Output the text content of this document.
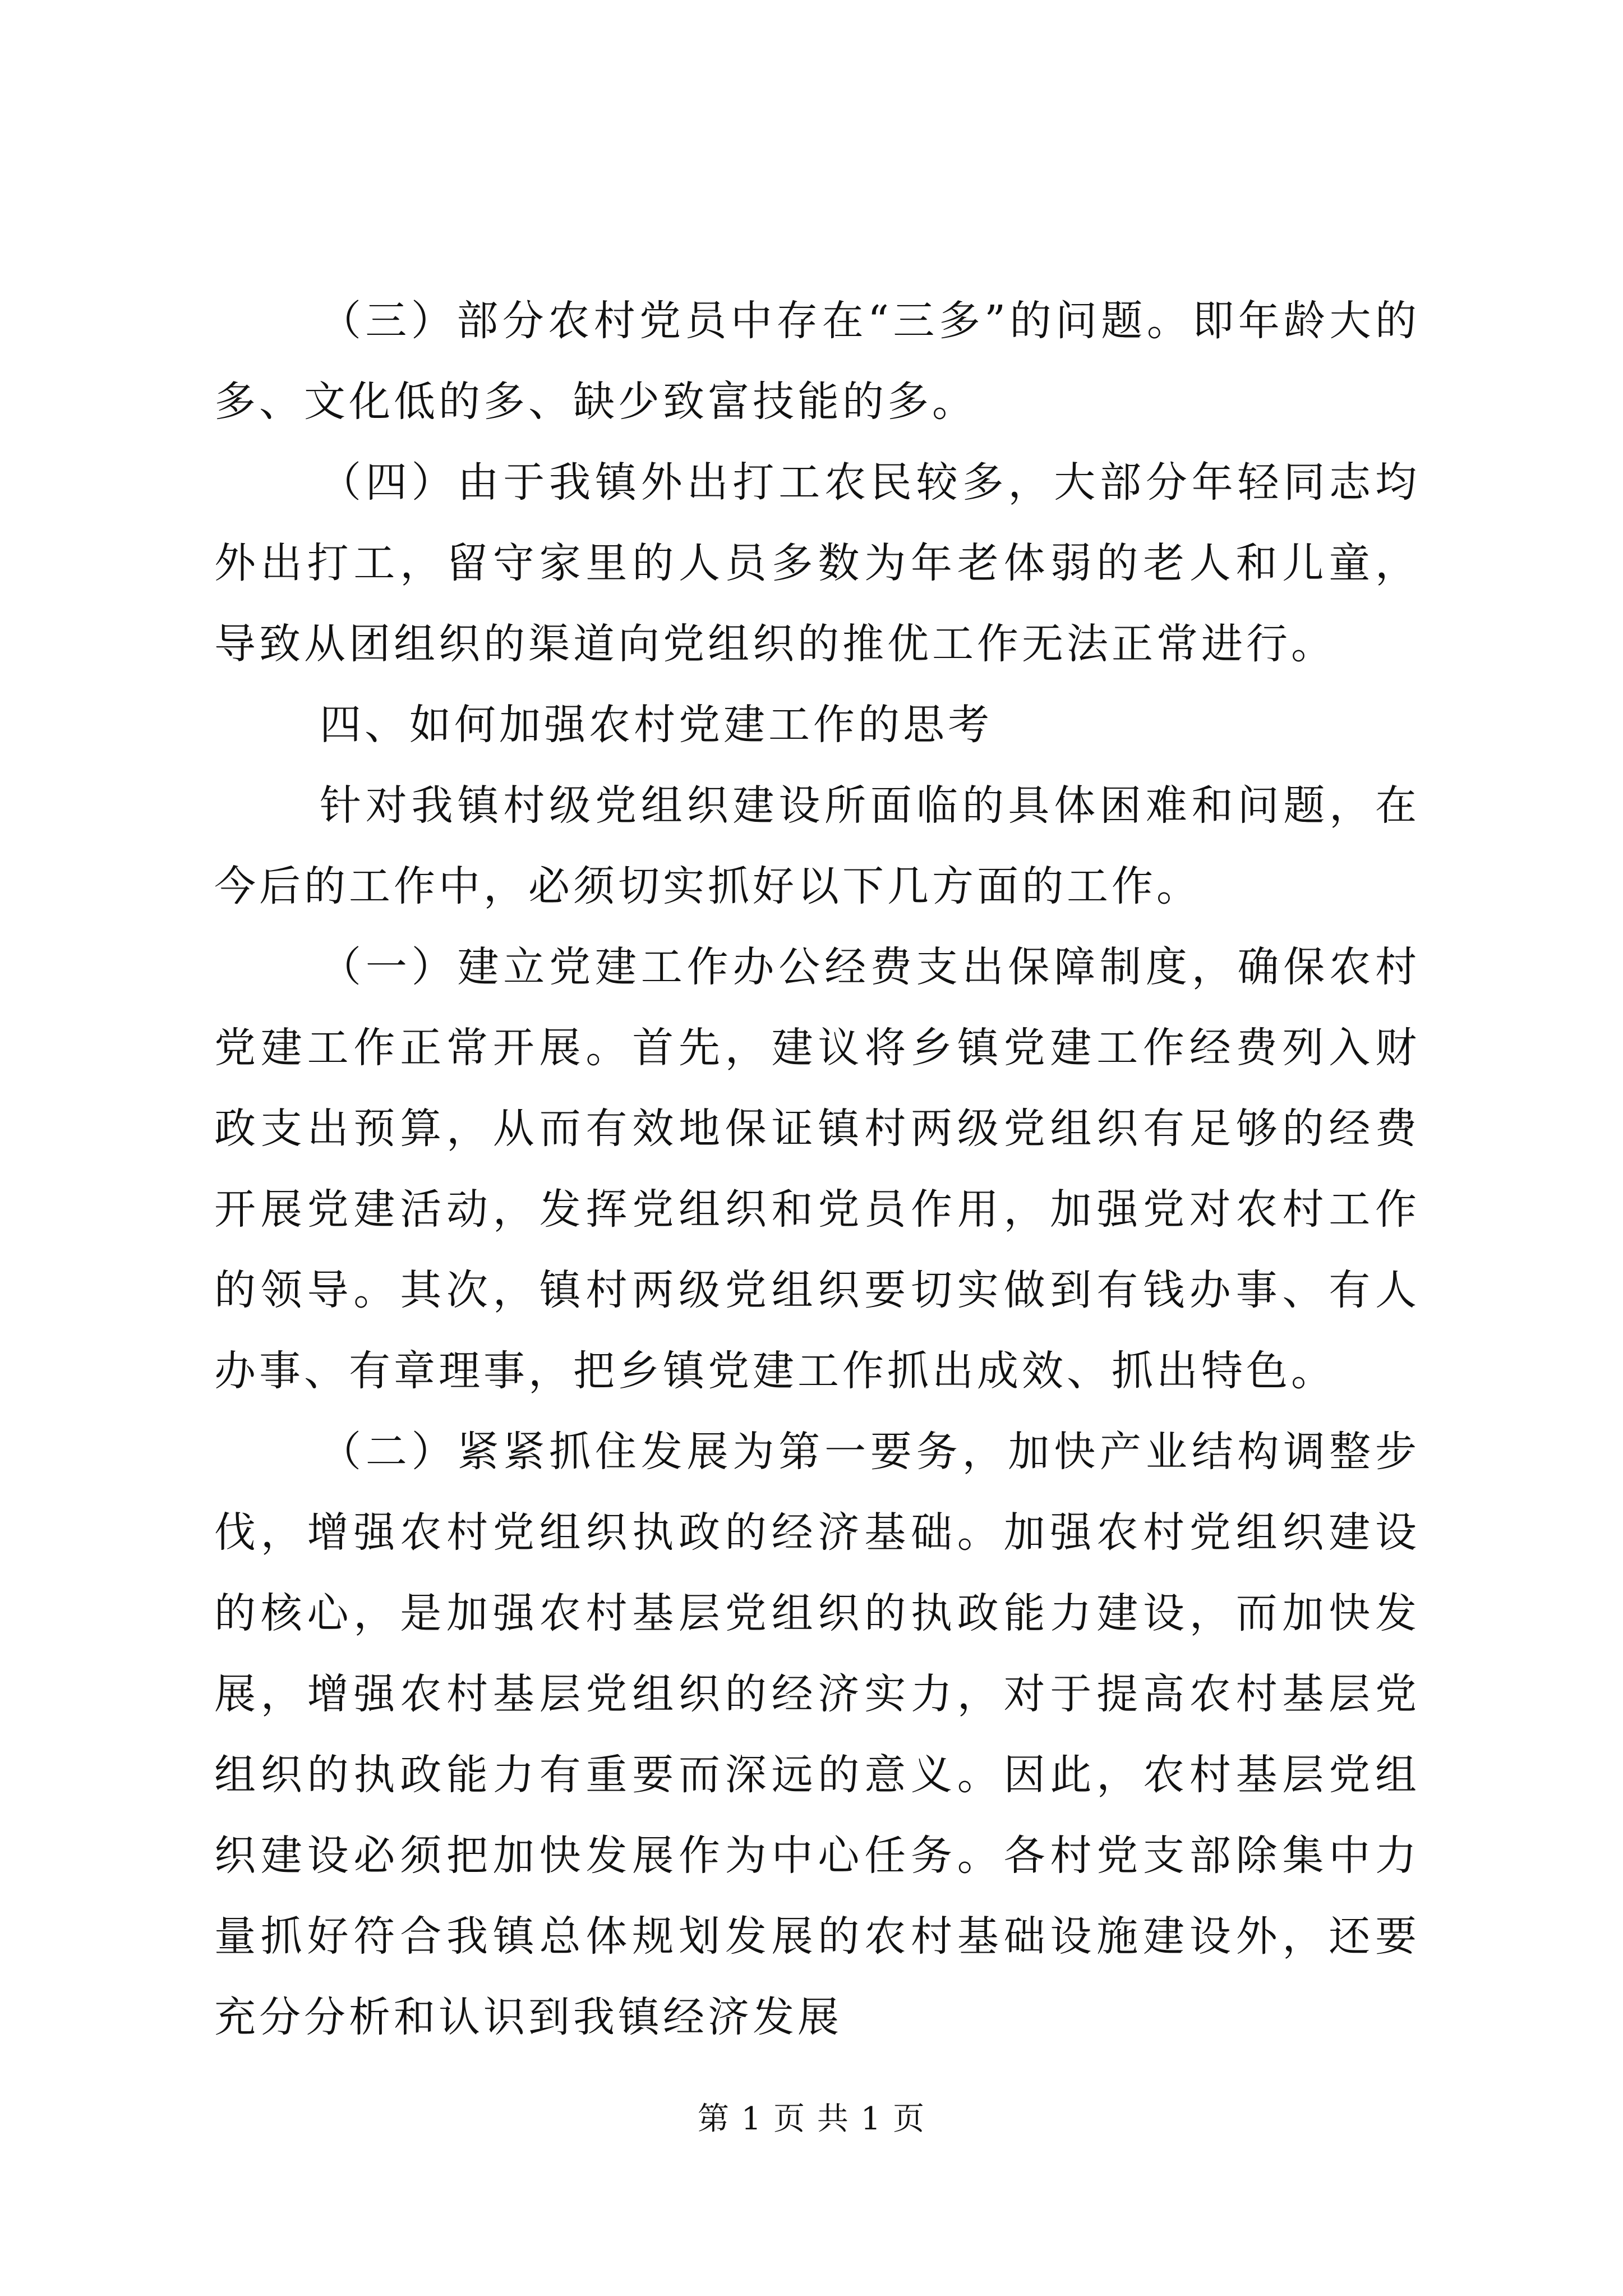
（三）部分农村党员中存在“三多”的问题。即年龄大的多、文化低的多、缺少致富技能的多。

（四）由于我镇外出打工农民较多，大部分年轻同志均外出打工，留守家里的人员多数为年老体弱的老人和儿童，导致从团组织的渠道向党组织的推优工作无法正常进行。

四、如何加强农村党建工作的思考

针对我镇村级党组织建设所面临的具体困难和问题，在今后的工作中，必须切实抓好以下几方面的工作。

（一）建立党建工作办公经费支出保障制度，确保农村党建工作正常开展。首先，建议将乡镇党建工作经费列入财政支出预算，从而有效地保证镇村两级党组织有足够的经费开展党建活动，发挥党组织和党员作用，加强党对农村工作的领导。其次，镇村两级党组织要切实做到有钱办事、有人办事、有章理事，把乡镇党建工作抓出成效、抓出特色。

（二）紧紧抓住发展为第一要务，加快产业结构调整步伐，增强农村党组织执政的经济基础。加强农村党组织建设的核心，是加强农村基层党组织的执政能力建设，而加快发展，增强农村基层党组织的经济实力，对于提高农村基层党组织的执政能力有重要而深远的意义。因此，农村基层党组织建设必须把加快发展作为中心任务。各村党支部除集中力量抓好符合我镇总体规划发展的农村基础设施建设外，还要充分分析和认识到我镇经济发展

第 1 页 共 1 页
